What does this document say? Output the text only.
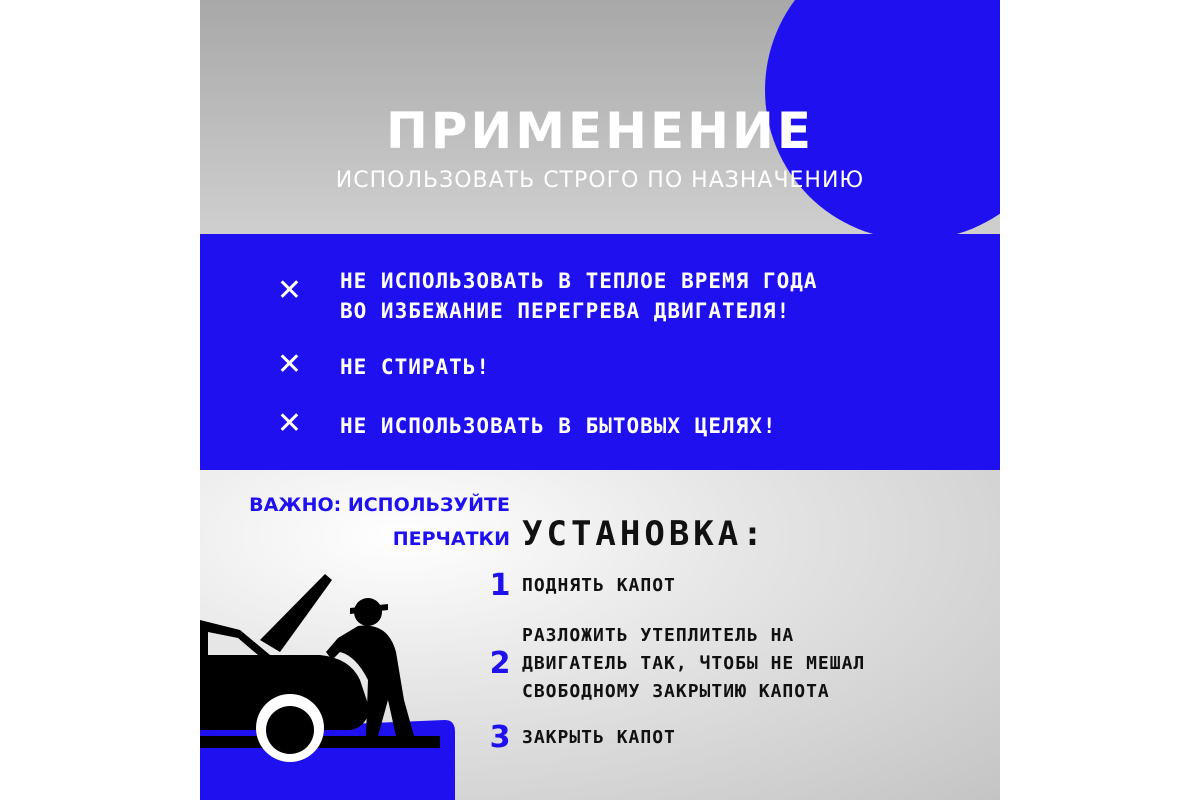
ПРИМЕНЕНИЕ
ИСПОЛЬЗОВАТЬ СТРОГО ПО НАЗНАЧЕНИЮ
✕ НЕ ИСПОЛЬЗОВАТЬ В ТЕПЛОЕ ВРЕМЯ ГОДА
ВО ИЗБЕЖАНИЕ ПЕРЕГРЕВА ДВИГАТЕЛЯ!
✕ НЕ СТИРАТЬ!
✕ НЕ ИСПОЛЬЗОВАТЬ В БЫТОВЫХ ЦЕЛЯХ!
ВАЖНО: ИСПОЛЬЗУЙТЕ
ПЕРЧАТКИ УСТАНОВКА:
1 ПОДНЯТЬ КАПОТ
2
РАЗЛОЖИТЬ УТЕПЛИТЕЛЬ НА
ДВИГАТЕЛЬ ТАК, ЧТОБЫ НЕ МЕШАЛ
СВОБОДНОМУ ЗАКРЫТИЮ КАПОТА
3 ЗАКРЫТЬ КАПОТ
